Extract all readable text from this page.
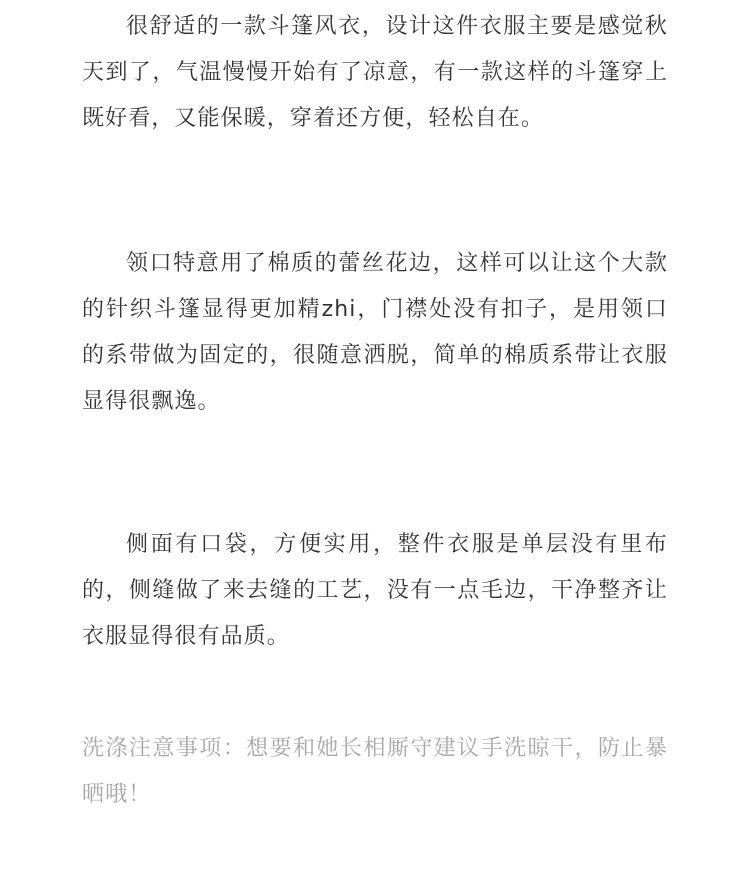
很舒适的一款斗篷风衣，设计这件衣服主要是感觉秋天到了，气温慢慢开始有了凉意，有一款这样的斗篷穿上既好看，又能保暖，穿着还方便，轻松自在。

领口特意用了棉质的蕾丝花边，这样可以让这个大款的针织斗篷显得更加精zhi，门襟处没有扣子，是用领口的系带做为固定的，很随意洒脱，简单的棉质系带让衣服显得很飘逸。

侧面有口袋，方便实用，整件衣服是单层没有里布的，侧缝做了来去缝的工艺，没有一点毛边，干净整齐让衣服显得很有品质。

洗涤注意事项：想要和她长相厮守建议手洗晾干，防止暴晒哦！
